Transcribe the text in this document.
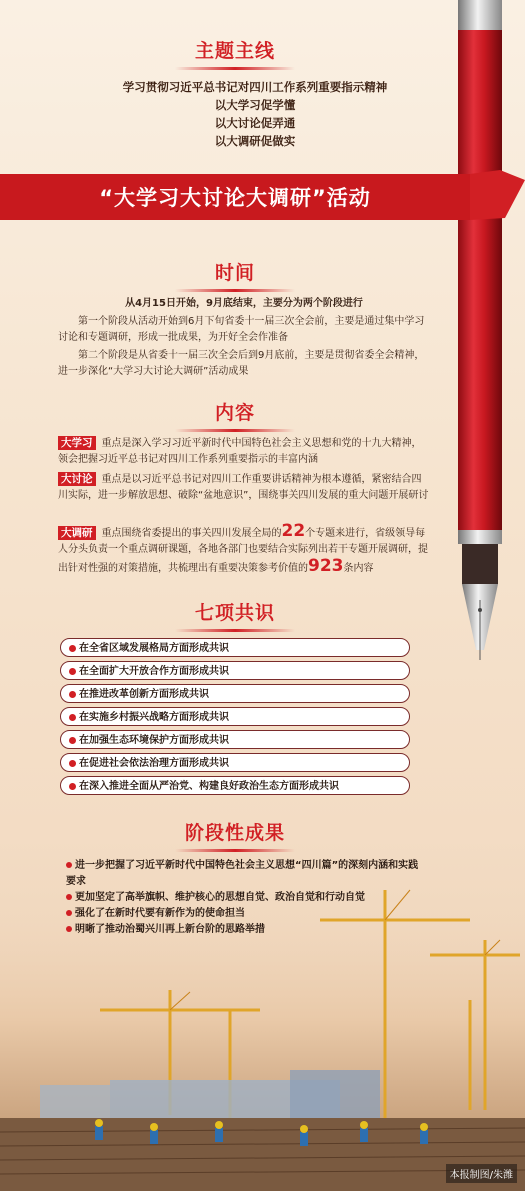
主题主线
学习贯彻习近平总书记对四川工作系列重要指示精神
以大学习促学懂
以大讨论促弄通
以大调研促做实
“大学习大讨论大调研”活动
时间
从4月15日开始，9月底结束，主要分为两个阶段进行
第一个阶段从活动开始到6月下旬省委十一届三次全会前，主要是通过集中学习讨论和专题调研，形成一批成果，为开好全会作准备
第二个阶段是从省委十一届三次全会后到9月底前，主要是贯彻省委全会精神，进一步深化“大学习大讨论大调研”活动成果
内容
大学习 重点是深入学习习近平新时代中国特色社会主义思想和党的十九大精神，领会把握习近平总书记对四川工作系列重要指示的丰富内涵
大讨论 重点是以习近平总书记对四川工作重要讲话精神为根本遵循，紧密结合四川实际，进一步解放思想、破除“盆地意识”，围绕事关四川发展的重大问题开展研讨
大调研 重点围绕省委提出的事关四川发展全局的22个专题来进行，省级领导每人分头负责一个重点调研课题，各地各部门也要结合实际列出若干专题开展调研，提出针对性强的对策措施，共梳理出有重要决策参考价值的923条内容
七项共识
在全省区域发展格局方面形成共识
在全面扩大开放合作方面形成共识
在推进改革创新方面形成共识
在实施乡村振兴战略方面形成共识
在加强生态环境保护方面形成共识
在促进社会依法治理方面形成共识
在深入推进全面从严治党、构建良好政治生态方面形成共识
阶段性成果
进一步把握了习近平新时代中国特色社会主义思想“四川篇”的深刻内涵和实践要求
更加坚定了高举旗帜、维护核心的思想自觉、政治自觉和行动自觉
强化了在新时代要有新作为的使命担当
明晰了推动治蜀兴川再上新台阶的思路举措
本报制图/朱潍
